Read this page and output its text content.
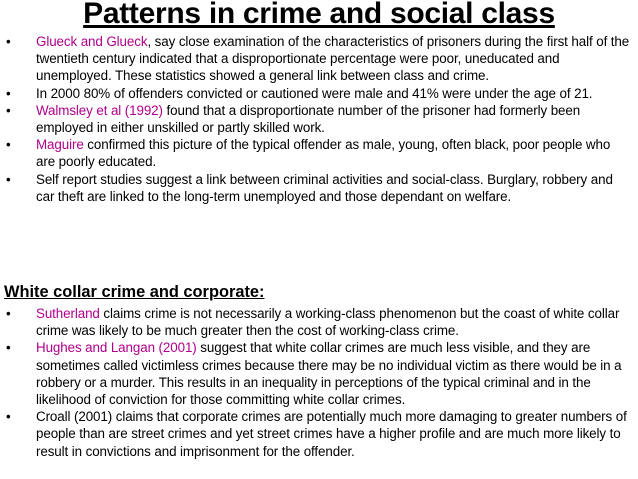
Patterns in crime and social class
• Glueck and Glueck, say close examination of the characteristics of prisoners during the first half of the twentieth century indicated that a disproportionate percentage were poor, uneducated and unemployed. These statistics showed a general link between class and crime.
• In 2000 80% of offenders convicted or cautioned were male and 41% were under the age of 21.
• Walmsley et al (1992) found that a disproportionate number of the prisoner had formerly been employed in either unskilled or partly skilled work.
• Maguire confirmed this picture of the typical offender as male, young, often black, poor people who are poorly educated.
• Self report studies suggest a link between criminal activities and social-class. Burglary, robbery and car theft are linked to the long-term unemployed and those dependant on welfare.
White collar crime and corporate:
• Sutherland claims crime is not necessarily a working-class phenomenon but the coast of white collar crime was likely to be much greater then the cost of working-class crime.
• Hughes and Langan (2001) suggest that white collar crimes are much less visible, and they are sometimes called victimless crimes because there may be no individual victim as there would be in a robbery or a murder. This results in an inequality in perceptions of the typical criminal and in the likelihood of conviction for those committing white collar crimes.
• Croall (2001) claims that corporate crimes are potentially much more damaging to greater numbers of people than are street crimes and yet street crimes have a higher profile and are much more likely to result in convictions and imprisonment for the offender.
